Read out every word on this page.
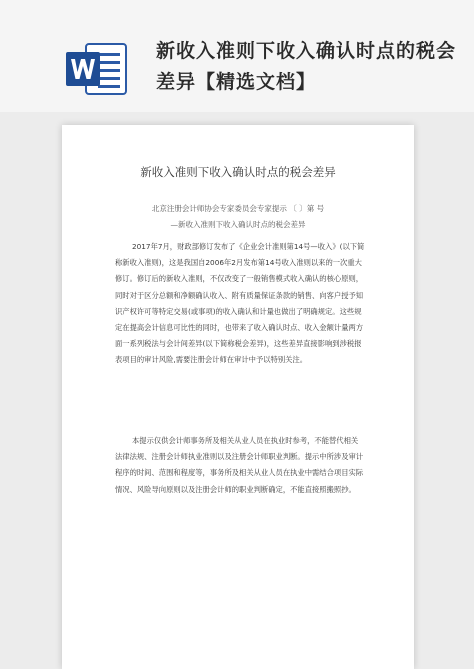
新收入准则下收入确认时点的税会差异【精选文档】
新收入准则下收入确认时点的税会差异
北京注册会计师协会专家委员会专家提示 〔 〕第 号
—新收入准则下收入确认时点的税会差异

2017年7月，财政部修订发布了《企业会计准则第14号—收入》(以下简称新收入准则)，这是我国自2006年2月发布第14号收入准则以来的一次重大修订。修订后的新收入准则，不仅改变了一般销售模式收入确认的核心原则，同时对于区分总额和净额确认收入、附有质量保证条款的销售、向客户授予知识产权许可等特定交易(或事项)的收入确认和计量也做出了明确规定。这些规定在提高会计信息可比性的同时，也带来了收入确认时点、收入金额计量两方面一系列税法与会计间差异(以下简称税会差异)，这些差异直接影响到涉税报表项目的审计风险,需要注册会计师在审计中予以特别关注。

本提示仅供会计师事务所及相关从业人员在执业时参考，不能替代相关法律法规、注册会计师执业准则以及注册会计师职业判断。提示中所涉及审计程序的时间、范围和程度等，事务所及相关从业人员在执业中需结合项目实际情况、风险导向原则以及注册会计师的职业判断确定，不能直接照搬照抄。
